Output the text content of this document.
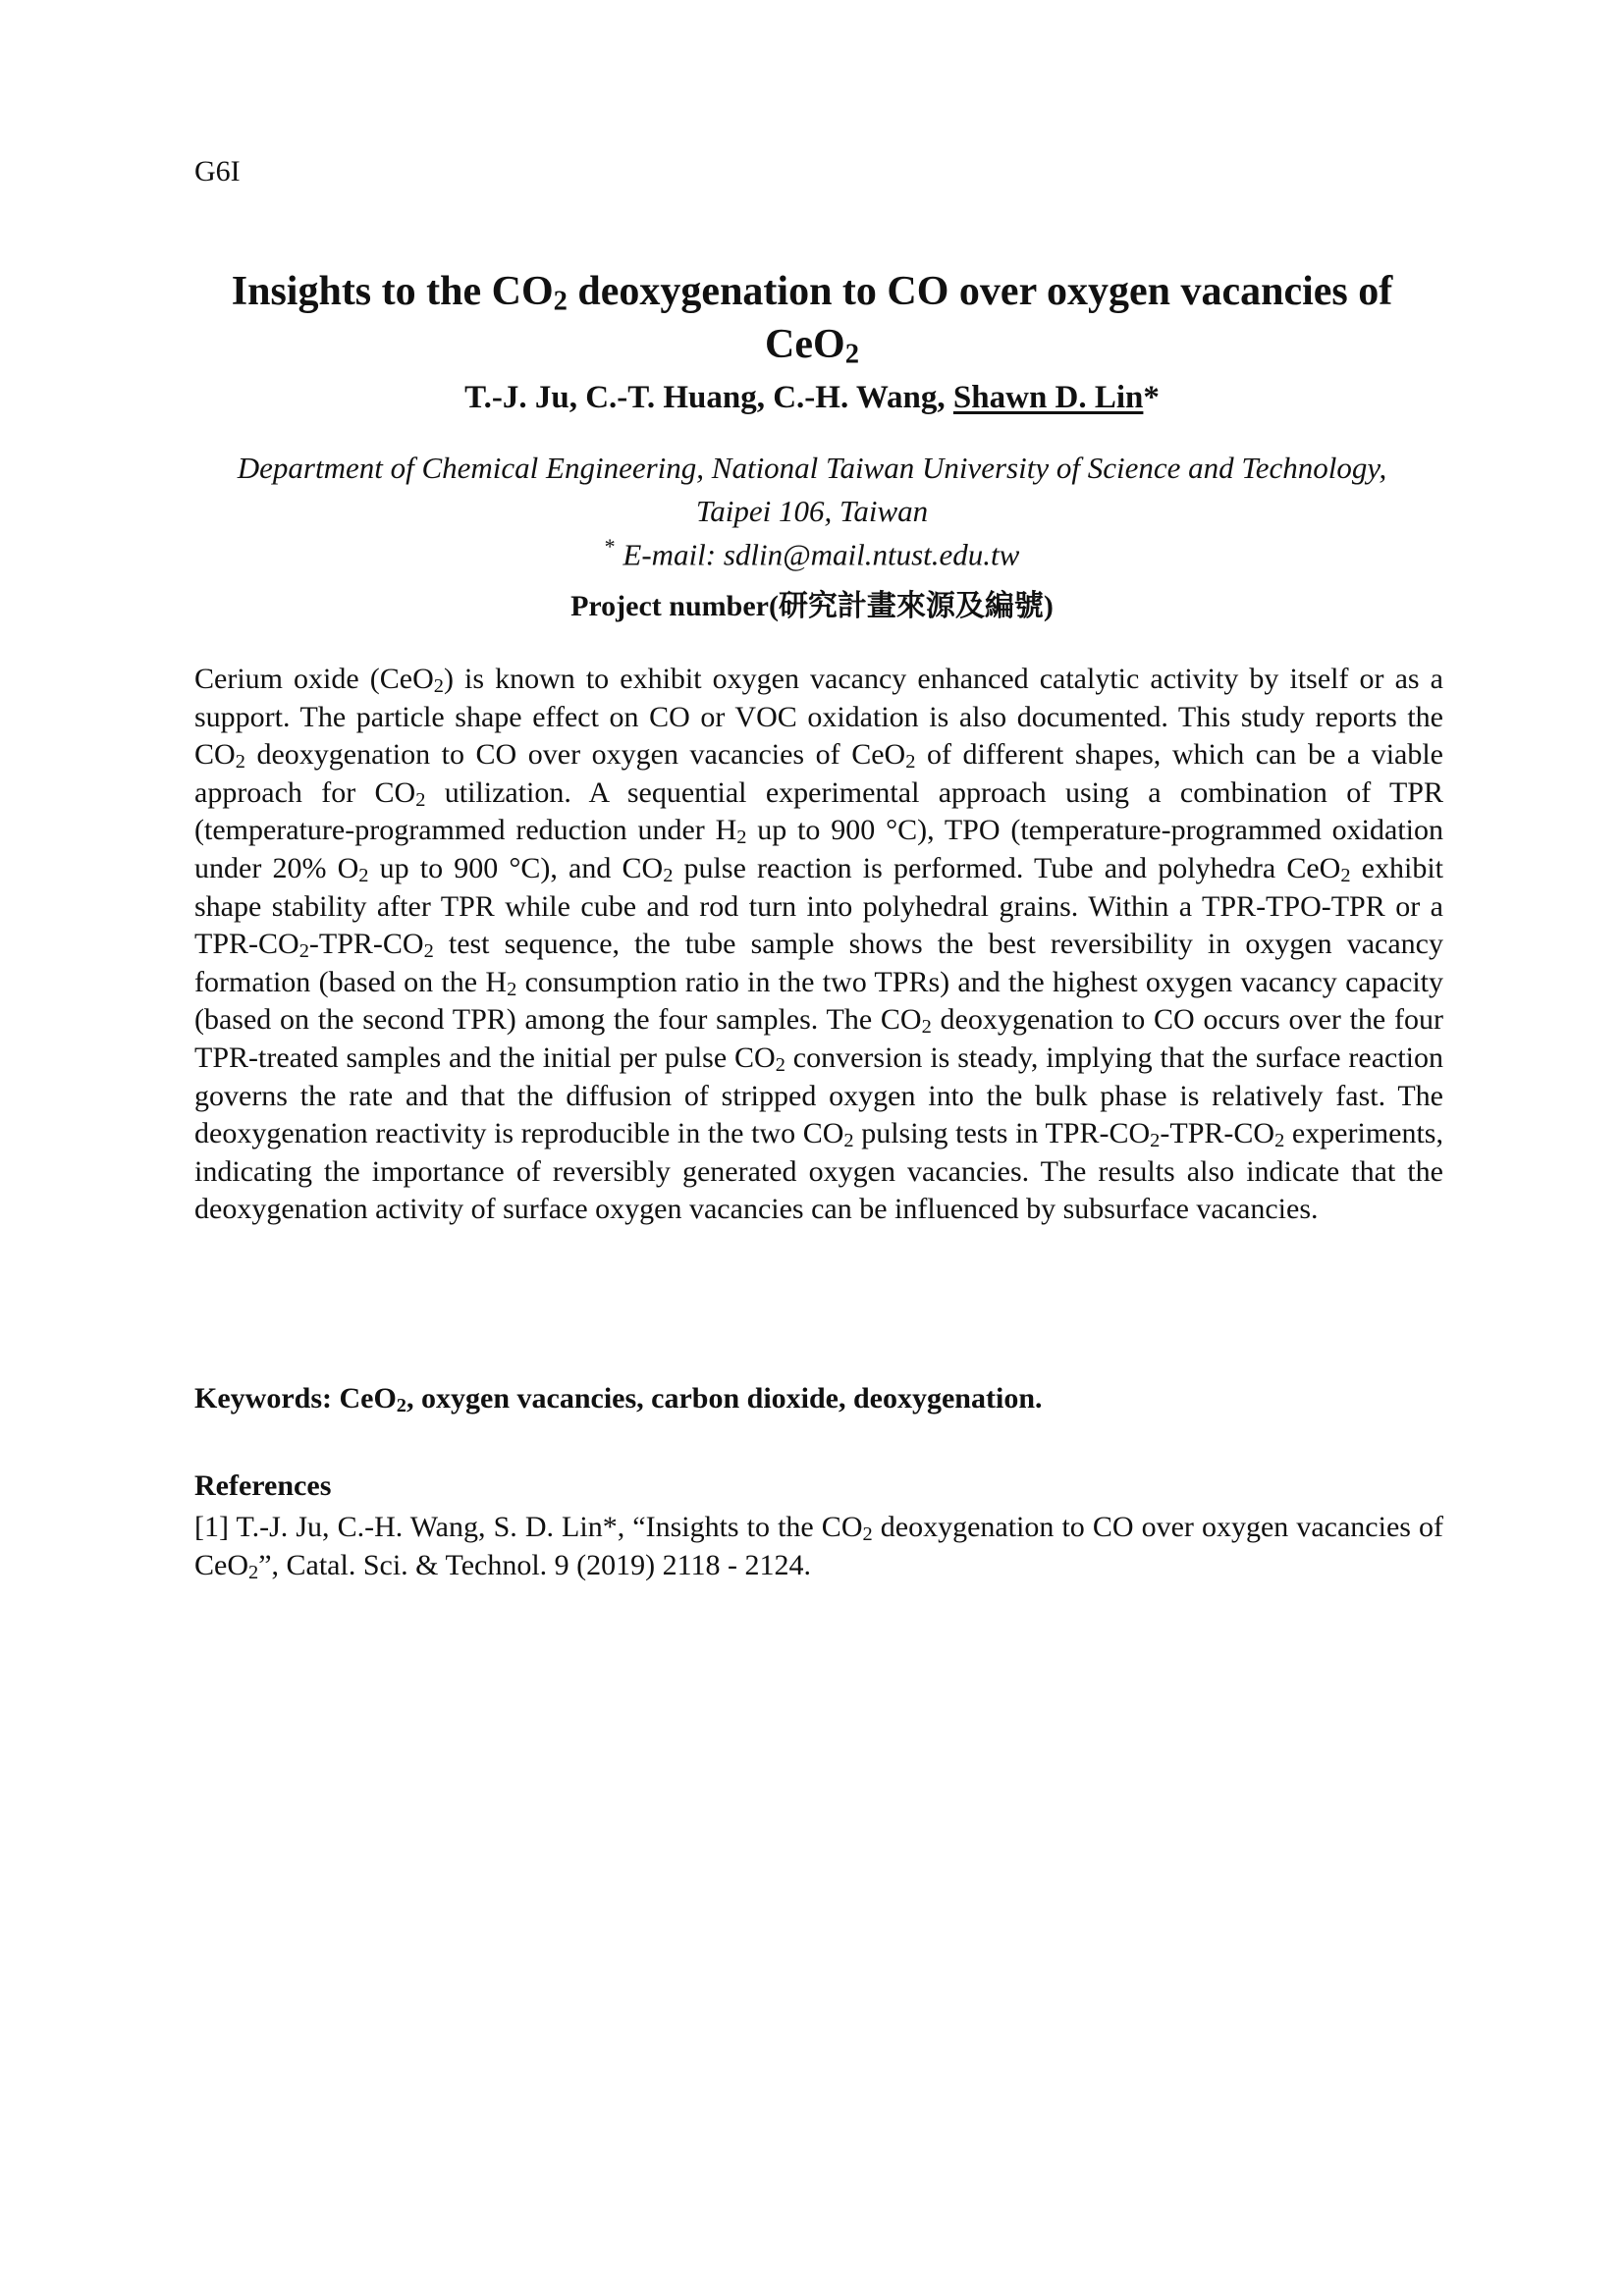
G6I
Insights to the $CO_2$ deoxygenation to CO over oxygen vacancies of
CeO$_2$
T.-J. Ju, C.-T. Huang, C.-H. Wang, Shawn D. Lin*
Department of Chemical Engineering, National Taiwan University of Science and Technology,
Taipei 106, Taiwan
* E-mail: sdlin@mail.ntust.edu.tw
Project number(研究計畫來源及編號)
Cerium oxide (CeO$_2$) is known to exhibit oxygen vacancy enhanced catalytic activity by itself or as a support. The particle shape effect on CO or VOC oxidation is also documented. This study reports the $CO_2$ deoxygenation to CO over oxygen vacancies of CeO$_2$ of different shapes, which can be a viable approach for $CO_2$ utilization. A sequential experimental approach using a combination of TPR (temperature-programmed reduction under $H_2$ up to 900 °C), TPO (temperature-programmed oxidation under 20% $O_2$ up to 900 °C), and $CO_2$ pulse reaction is performed. Tube and polyhedra CeO$_2$ exhibit shape stability after TPR while cube and rod turn into polyhedral grains. Within a TPR-TPO-TPR or a TPR-$CO_2-TPR-CO_2$ test sequence, the tube sample shows the best reversibility in oxygen vacancy formation (based on the $H_2$ consumption ratio in the two TPRs) and the highest oxygen vacancy capacity (based on the second TPR) among the four samples. The $CO_2$ deoxygenation to CO occurs over the four TPR-treated samples and the initial per pulse $CO_2$ conversion is steady, implying that the surface reaction governs the rate and that the diffusion of stripped oxygen into the bulk phase is relatively fast. The deoxygenation reactivity is reproducible in the two $CO_2$ pulsing tests in TPR-$CO_2-TPR-CO_2$ experiments, indicating the importance of reversibly generated oxygen vacancies. The results also indicate that the deoxygenation activity of surface oxygen vacancies can be influenced by subsurface vacancies.
Keywords: CeO$_2$, oxygen vacancies, carbon dioxide, deoxygenation.
References
[1] T.-J. Ju, C.-H. Wang, S. D. Lin*, “Insights to the $CO_2$ deoxygenation to CO over oxygen vacancies of CeO$_2$”, Catal. Sci. & Technol. 9 (2019) 2118 - 2124.
